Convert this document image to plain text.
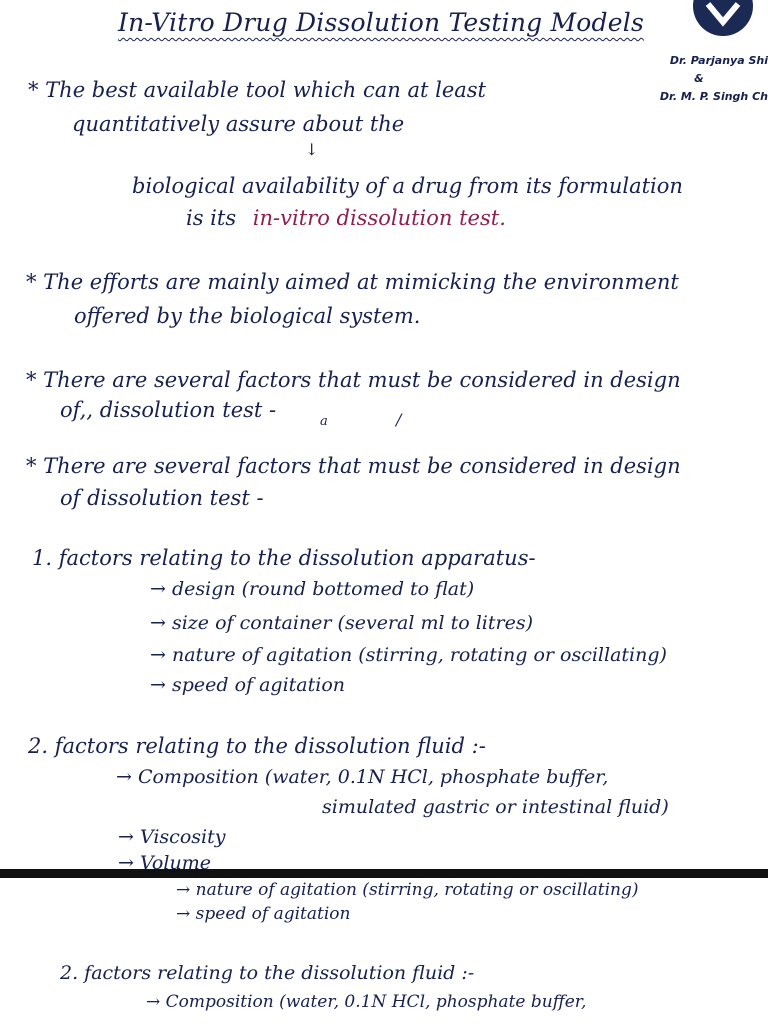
In-Vitro Drug Dissolution Testing Models
Dr. Parjanya Shi

&
Dr. M. P. Singh Ch
* The best available tool which can at least
quantitatively assure about the
↓
biological availability of a drug from its formulation
is its in-vitro dissolution test.
* The efforts are mainly aimed at mimicking the environment
offered by the biological system.
* There are several factors that must be considered in design
of,, dissolution test -	a	/
* There are several factors that must be considered in design
of dissolution test -
1. factors relating to the dissolution apparatus-
→ design (round bottomed to flat)
→ size of container (several ml to litres)
→ nature of agitation (stirring, rotating or oscillating)
→ speed of agitation
2. factors relating to the dissolution fluid :-
→ Composition (water, 0.1N HCl, phosphate buffer,
simulated gastric or intestinal fluid)
→ Viscosity
→ Volume
→ nature of agitation (stirring, rotating or oscillating)
→ speed of agitation
2. factors relating to the dissolution fluid :-
→ Composition (water, 0.1N HCl, phosphate buffer,
